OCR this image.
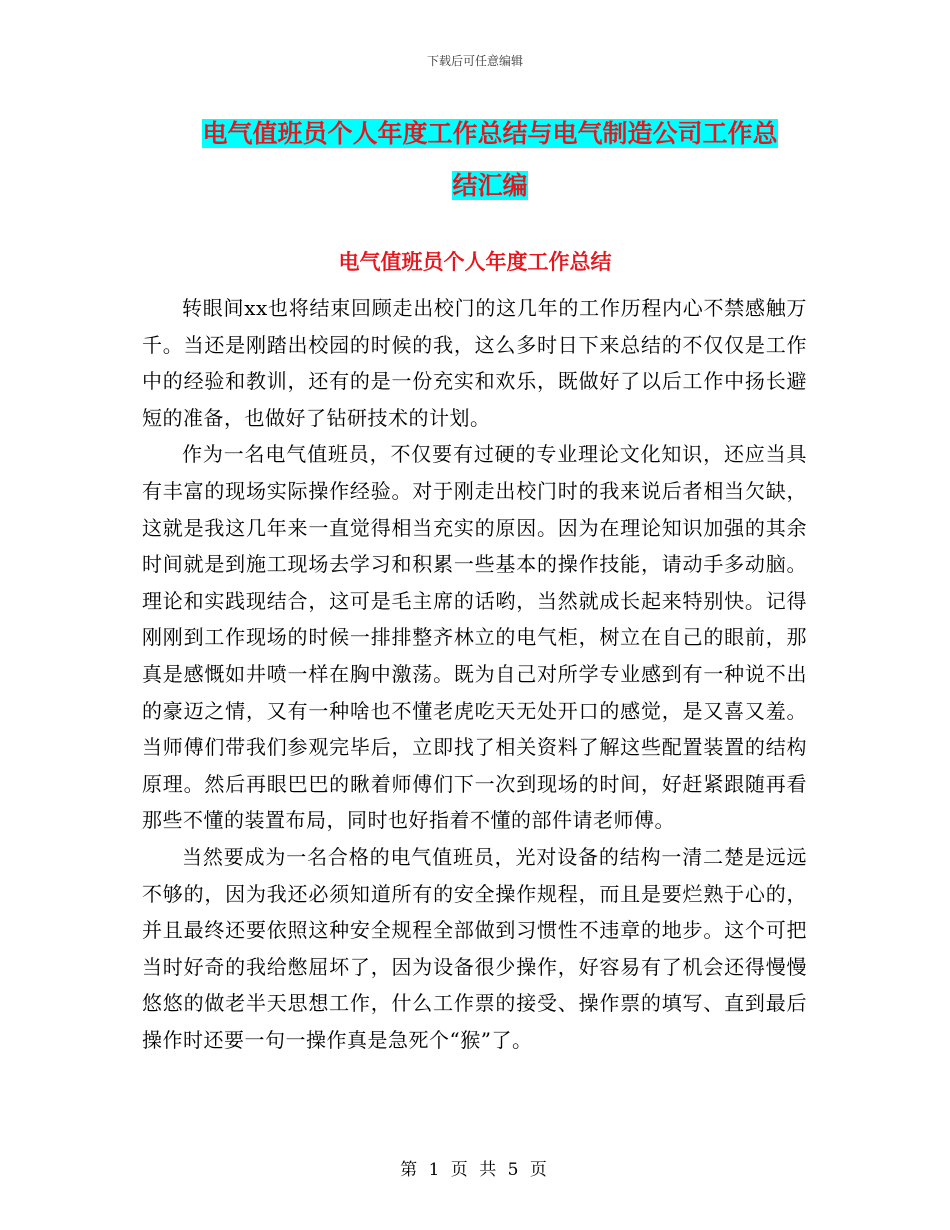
下载后可任意编辑
电气值班员个人年度工作总结与电气制造公司工作总
结汇编
电气值班员个人年度工作总结

转眼间xx也将结束回顾走出校门的这几年的工作历程内心不禁感触万千。当还是刚踏出校园的时候的我，这么多时日下来总结的不仅仅是工作中的经验和教训，还有的是一份充实和欢乐，既做好了以后工作中扬长避短的准备，也做好了钻研技术的计划。

作为一名电气值班员，不仅要有过硬的专业理论文化知识，还应当具有丰富的现场实际操作经验。对于刚走出校门时的我来说后者相当欠缺，这就是我这几年来一直觉得相当充实的原因。因为在理论知识加强的其余时间就是到施工现场去学习和积累一些基本的操作技能，请动手多动脑。理论和实践现结合，这可是毛主席的话哟，当然就成长起来特别快。记得刚刚到工作现场的时候一排排整齐林立的电气柜，树立在自己的眼前，那真是感慨如井喷一样在胸中激荡。既为自己对所学专业感到有一种说不出的豪迈之情，又有一种啥也不懂老虎吃天无处开口的感觉，是又喜又羞。当师傅们带我们参观完毕后，立即找了相关资料了解这些配置装置的结构原理。然后再眼巴巴的瞅着师傅们下一次到现场的时间，好赶紧跟随再看那些不懂的装置布局，同时也好指着不懂的部件请老师傅。

当然要成为一名合格的电气值班员，光对设备的结构一清二楚是远远不够的，因为我还必须知道所有的安全操作规程，而且是要烂熟于心的，并且最终还要依照这种安全规程全部做到习惯性不违章的地步。这个可把当时好奇的我给憋屈坏了，因为设备很少操作，好容易有了机会还得慢慢悠悠的做老半天思想工作，什么工作票的接受、操作票的填写、直到最后操作时还要一句一操作真是急死个“猴”了。

第 1 页 共 5 页
